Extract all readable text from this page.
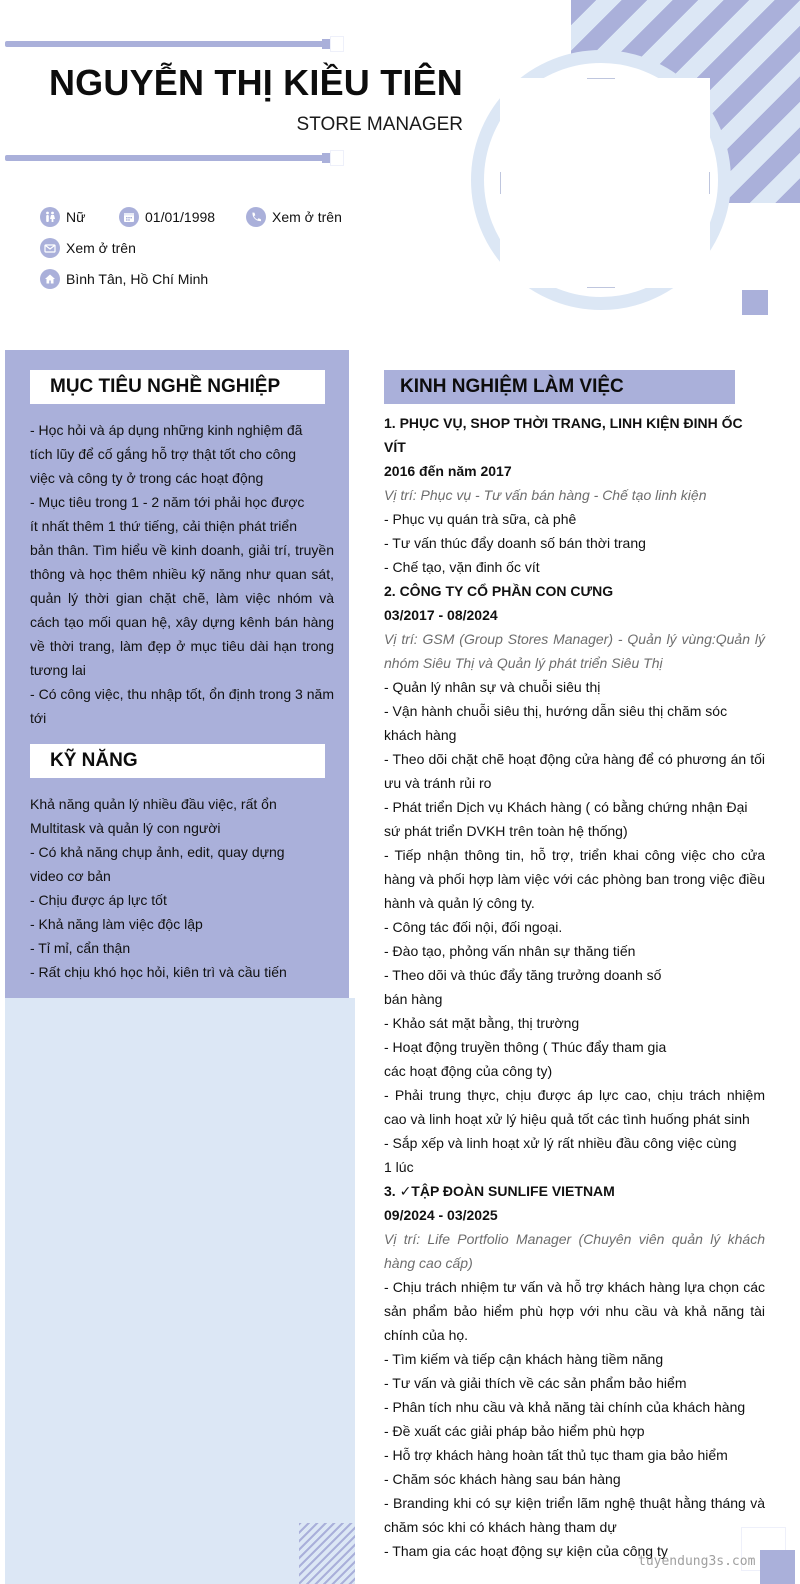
NGUYỄN THỊ KIỀU TIÊN
STORE MANAGER
Nữ	01/01/1998	Xem ở trên
Xem ở trên
Bình Tân, Hồ Chí Minh
MỤC TIÊU NGHỀ NGHIỆP

- Học hỏi và áp dụng những kinh nghiệm đã

tích lũy để cố gắng hỗ trợ thật tốt cho công

việc và công ty ở trong các hoạt động

- Mục tiêu trong 1 - 2 năm tới phải học được

ít nhất thêm 1 thứ tiếng, cải thiện phát triển

bản thân. Tìm hiểu về kinh doanh, giải trí, truyền thông và học thêm nhiều kỹ năng như quan sát, quản lý thời gian chặt chẽ, làm việc nhóm và cách tạo mối quan hệ, xây dựng kênh bán hàng về thời trang, làm đẹp ở mục tiêu dài hạn trong tương lai

- Có công việc, thu nhập tốt, ổn định trong 3 năm tới

KỸ NĂNG

Khả năng quản lý nhiều đầu việc, rất ổn

Multitask và quản lý con người

- Có khả năng chụp ảnh, edit, quay dựng

video cơ bản

- Chịu được áp lực tốt

- Khả năng làm việc độc lập

- Tỉ mỉ, cẩn thận

- Rất chịu khó học hỏi, kiên trì và cầu tiến

KINH NGHIỆM LÀM VIỆC

1. PHỤC VỤ, SHOP THỜI TRANG, LINH KIỆN ĐINH ỐC VÍT

2016 đến năm 2017

Vị trí: Phục vụ - Tư vấn bán hàng - Chế tạo linh kiện

- Phục vụ quán trà sữa, cà phê

- Tư vấn thúc đẩy doanh số bán thời trang

- Chế tạo, vặn đinh ốc vít

2. CÔNG TY CỔ PHẦN CON CƯNG

03/2017 - 08/2024

Vị trí: GSM (Group Stores Manager) - Quản lý vùng:Quản lý nhóm Siêu Thị và Quản lý phát triển Siêu Thị

- Quản lý nhân sự và chuỗi siêu thị

- Vận hành chuỗi siêu thị, hướng dẫn siêu thị chăm sóc khách hàng

- Theo dõi chặt chẽ hoạt động cửa hàng để có phương án tối ưu và tránh rủi ro

- Phát triển Dịch vụ Khách hàng ( có bằng chứng nhận Đại sứ phát triển DVKH trên toàn hệ thống)

- Tiếp nhận thông tin, hỗ trợ, triển khai công việc cho cửa hàng và phối hợp làm việc với các phòng ban trong việc điều hành và quản lý công ty.

- Công tác đối nội, đối ngoại.

- Đào tạo, phỏng vấn nhân sự thăng tiến

- Theo dõi và thúc đẩy tăng trưởng doanh số

bán hàng

- Khảo sát mặt bằng, thị trường

- Hoạt động truyền thông ( Thúc đẩy tham gia

các hoạt động của công ty)

- Phải trung thực, chịu được áp lực cao, chịu trách nhiệm cao và linh hoạt xử lý hiệu quả tốt các tình huống phát sinh

- Sắp xếp và linh hoạt xử lý rất nhiều đầu công việc cùng

1 lúc

3. ✓TẬP ĐOÀN SUNLIFE VIETNAM

09/2024 - 03/2025

Vị trí: Life Portfolio Manager (Chuyên viên quản lý khách hàng cao cấp)

- Chịu trách nhiệm tư vấn và hỗ trợ khách hàng lựa chọn các sản phẩm bảo hiểm phù hợp với nhu cầu và khả năng tài chính của họ.

- Tìm kiếm và tiếp cận khách hàng tiềm năng

- Tư vấn và giải thích về các sản phẩm bảo hiểm

- Phân tích nhu cầu và khả năng tài chính của khách hàng

- Đề xuất các giải pháp bảo hiểm phù hợp

- Hỗ trợ khách hàng hoàn tất thủ tục tham gia bảo hiểm

- Chăm sóc khách hàng sau bán hàng

- Branding khi có sự kiện triển lãm nghệ thuật hằng tháng và chăm sóc khi có khách hàng tham dự

- Tham gia các hoạt động sự kiện của công ty

tuyendung3s.com
